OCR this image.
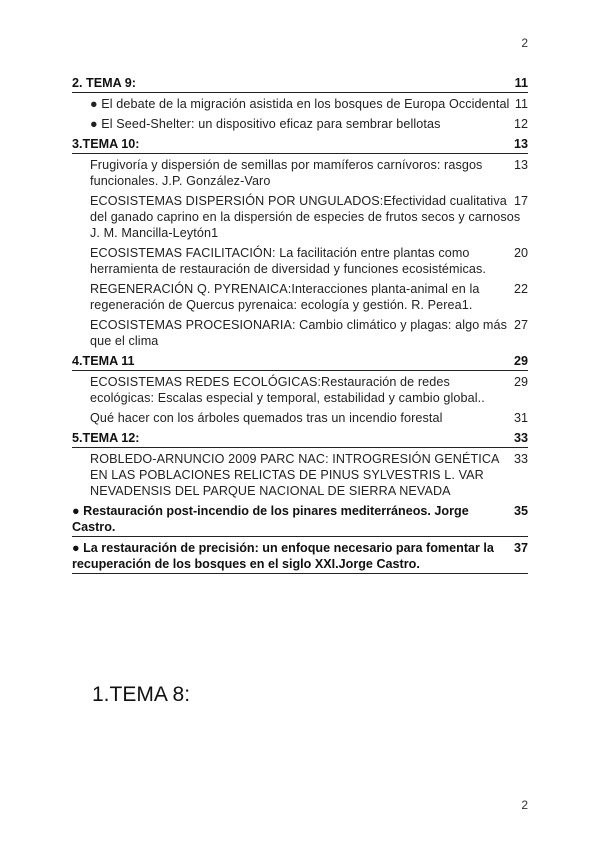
2
11
2. TEMA 9:
11
● El debate de la migración asistida en los bosques de Europa Occidental
12
● El Seed-Shelter: un dispositivo eficaz para sembrar bellotas
13
3.TEMA 10:
13
Frugivoría y dispersión de semillas por mamíferos carnívoros: rasgos funcionales. J.P. González-Varo
17
ECOSISTEMAS DISPERSIÓN POR UNGULADOS:Efectividad cualitativa del ganado caprino en la dispersión de especies de frutos secos y carnosos J. M. Mancilla-Leytón1
20
ECOSISTEMAS FACILITACIÓN: La facilitación entre plantas como herramienta de restauración de diversidad y funciones ecosistémicas.
22
REGENERACIÓN Q. PYRENAICA:Interacciones planta-animal en la regeneración de Quercus pyrenaica: ecología y gestión. R. Perea1.
27
ECOSISTEMAS PROCESIONARIA: Cambio climático y plagas: algo más que el clima
29
4.TEMA 11
29
ECOSISTEMAS REDES ECOLÓGICAS:Restauración de redes ecológicas: Escalas especial y temporal, estabilidad y cambio global..
31
Qué hacer con los árboles quemados tras un incendio forestal
33
5.TEMA 12:
33
ROBLEDO-ARNUNCIO 2009 PARC NAC: INTROGRESIÓN GENÉTICA EN LAS POBLACIONES RELICTAS DE PINUS SYLVESTRIS L. VAR NEVADENSIS DEL PARQUE NACIONAL DE SIERRA NEVADA
35
● Restauración post-incendio de los pinares mediterráneos. Jorge Castro.
37
● La restauración de precisión: un enfoque necesario para fomentar la recuperación de los bosques en el siglo XXI.Jorge Castro.
1.TEMA 8:
2
